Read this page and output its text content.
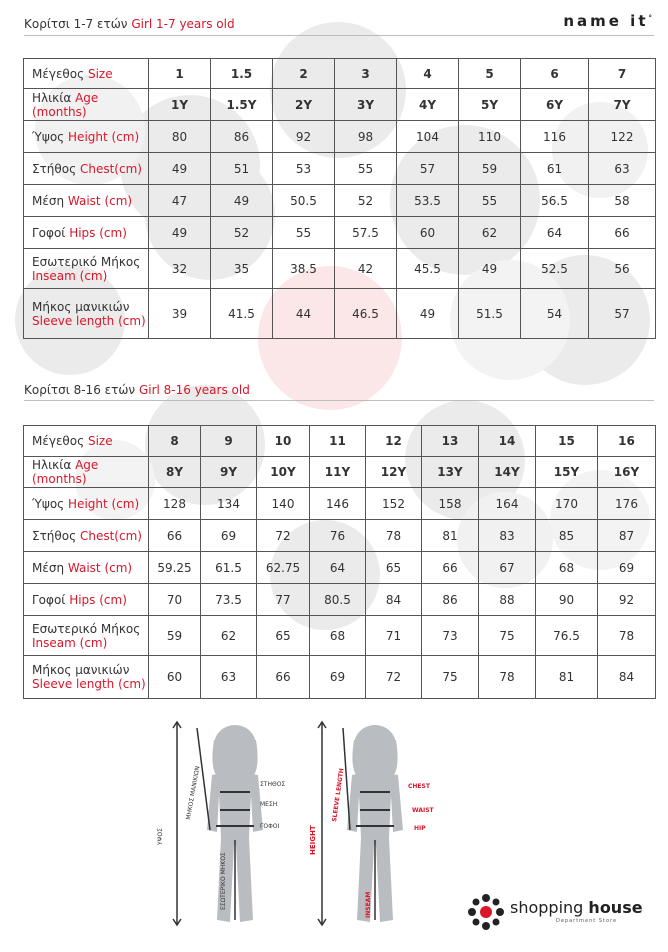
Κορίτσι 1-7 ετών Girl 1-7 years old	name it°
Μέγεθος Size	1	1.5	2	3	4	5	6	7
Ηλικία Age (months)	1Y	1.5Y	2Y	3Y	4Y	5Y	6Y	7Y
Ύψος Height (cm)	80	86	92	98	104	110	116	122
Στήθος Chest(cm)	49	51	53	55	57	59	61	63
Μέση Waist (cm)	47	49	50.5	52	53.5	55	56.5	58
Γοφοί Hips (cm)	49	52	55	57.5	60	62	64	66
Εσωτερικό Μήκος
Inseam (cm)	32	35	38.5	42	45.5	49	52.5	56
Μήκος μανικιών
Sleeve length (cm)	39	41.5	44	46.5	49	51.5	54	57
Κορίτσι 8-16 ετών Girl 8-16 years old
Μέγεθος Size	8	9	10	11	12	13	14	15	16
Ηλικία Age (months)	8Y	9Y	10Y	11Y	12Y	13Y	14Y	15Y	16Y
Ύψος Height (cm)	128	134	140	146	152	158	164	170	176
Στήθος Chest(cm)	66	69	72	76	78	81	83	85	87
Μέση Waist (cm)	59.25	61.5	62.75	64	65	66	67	68	69
Γοφοί Hips (cm)	70	73.5	77	80.5	84	86	88	90	92
Εσωτερικό Μήκος
Inseam (cm)	59	62	65	68	71	73	75	76.5	78
Μήκος μανικιών
Sleeve length (cm)	60	63	66	69	72	75	78	81	84
ΜΗΚΟΣ ΜΑΝΙΚΙΩΝ	ΣΤΗΘΟΣ
ΜΕΣΗ
ΓΟΦΟΙ
ΥΨΟΣ
ΕΣΩΤΕΡΙΚΟ ΜΗΚΟΣ
SLEEVE LENGTH	CHEST
WAIST
HIP
HEIGHT
INSEAM	shopping house
Department Store
